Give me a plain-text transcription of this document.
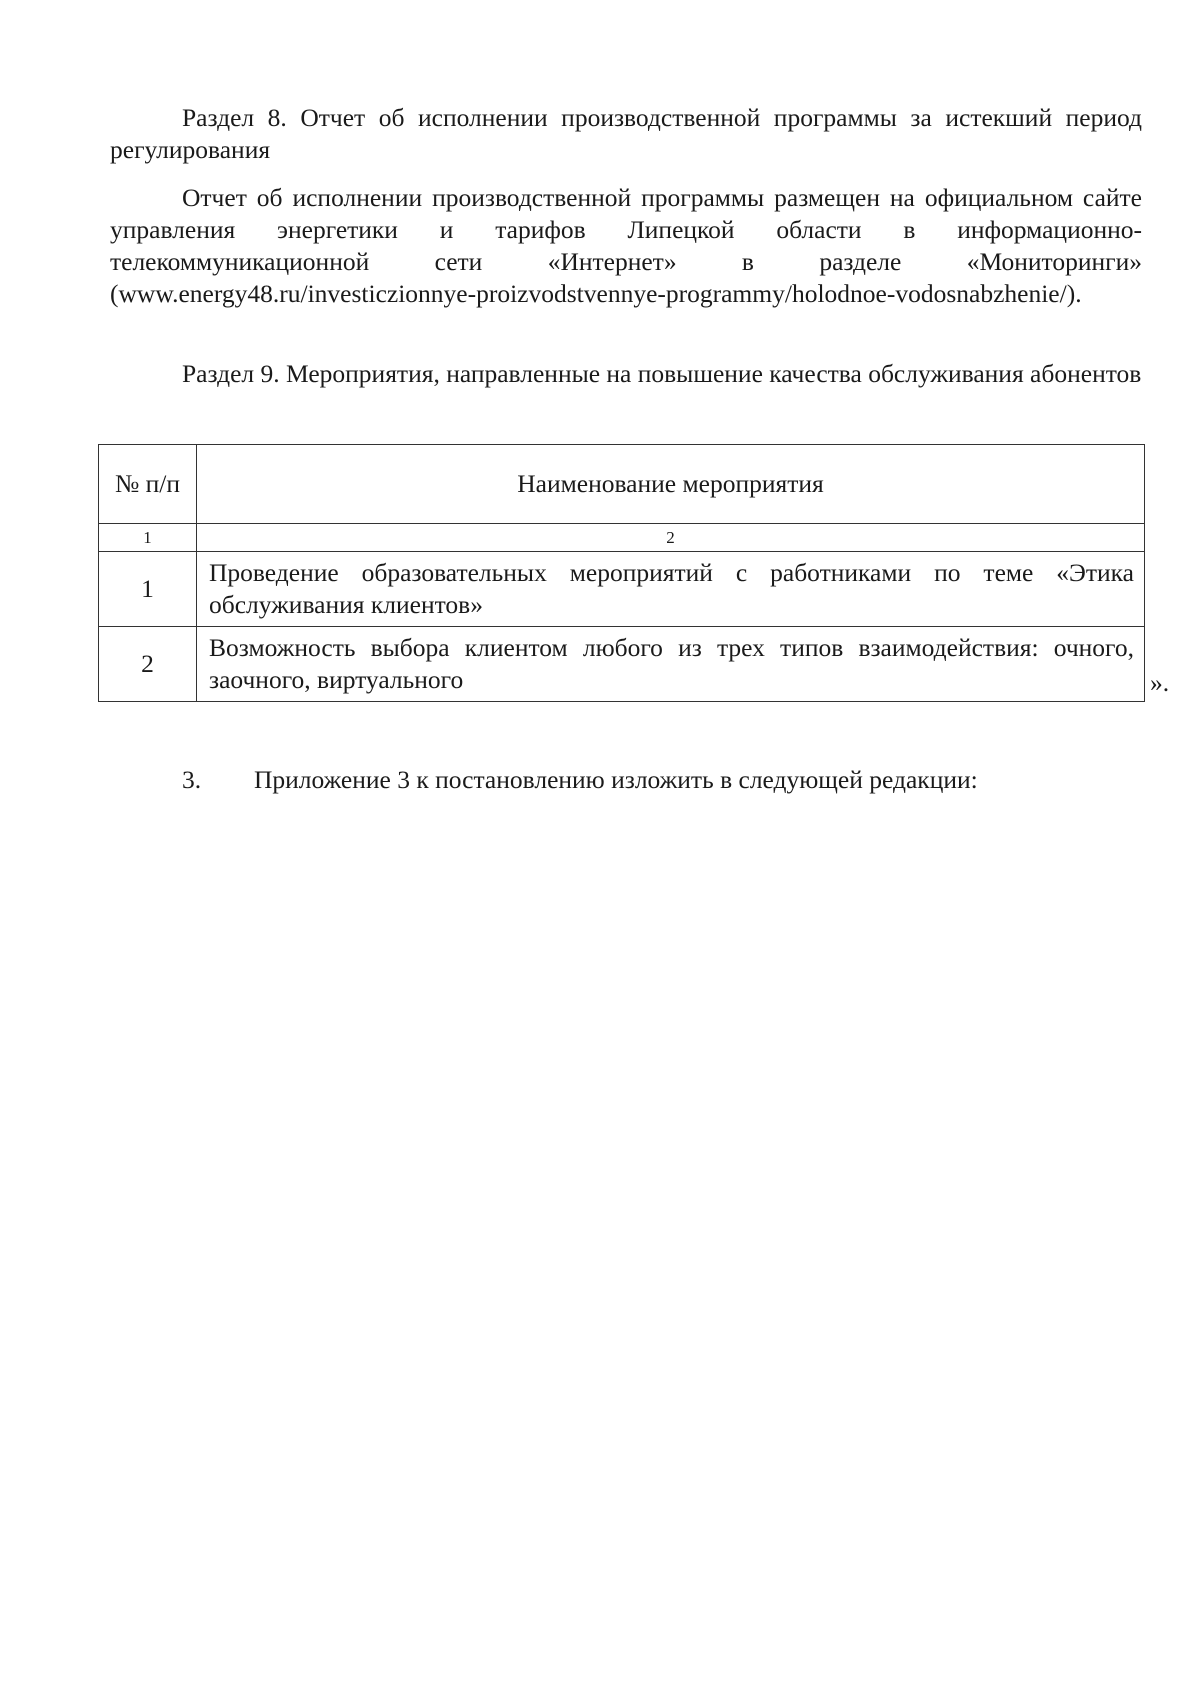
Раздел 8. Отчет об исполнении производственной программы за истекший период регулирования

Отчет об исполнении производственной программы размещен на официальном сайте управления энергетики и тарифов Липецкой области в информационно-телекоммуникационной сети «Интернет» в разделе «Мониторинги» (www.energy48.ru/investiczionnye-proizvodstvennye-programmy/holodnoe-vodosnabzhenie/).

Раздел 9. Мероприятия, направленные на повышение качества обслуживания абонентов

№ п/п	Наименование мероприятия
1	2
1	Проведение образовательных мероприятий с работниками по теме «Этика обслуживания клиентов»
2	Возможность выбора клиентом любого из трех типов взаимодействия: очного, заочного, виртуального	».
3. Приложение 3 к постановлению изложить в следующей редакции:
